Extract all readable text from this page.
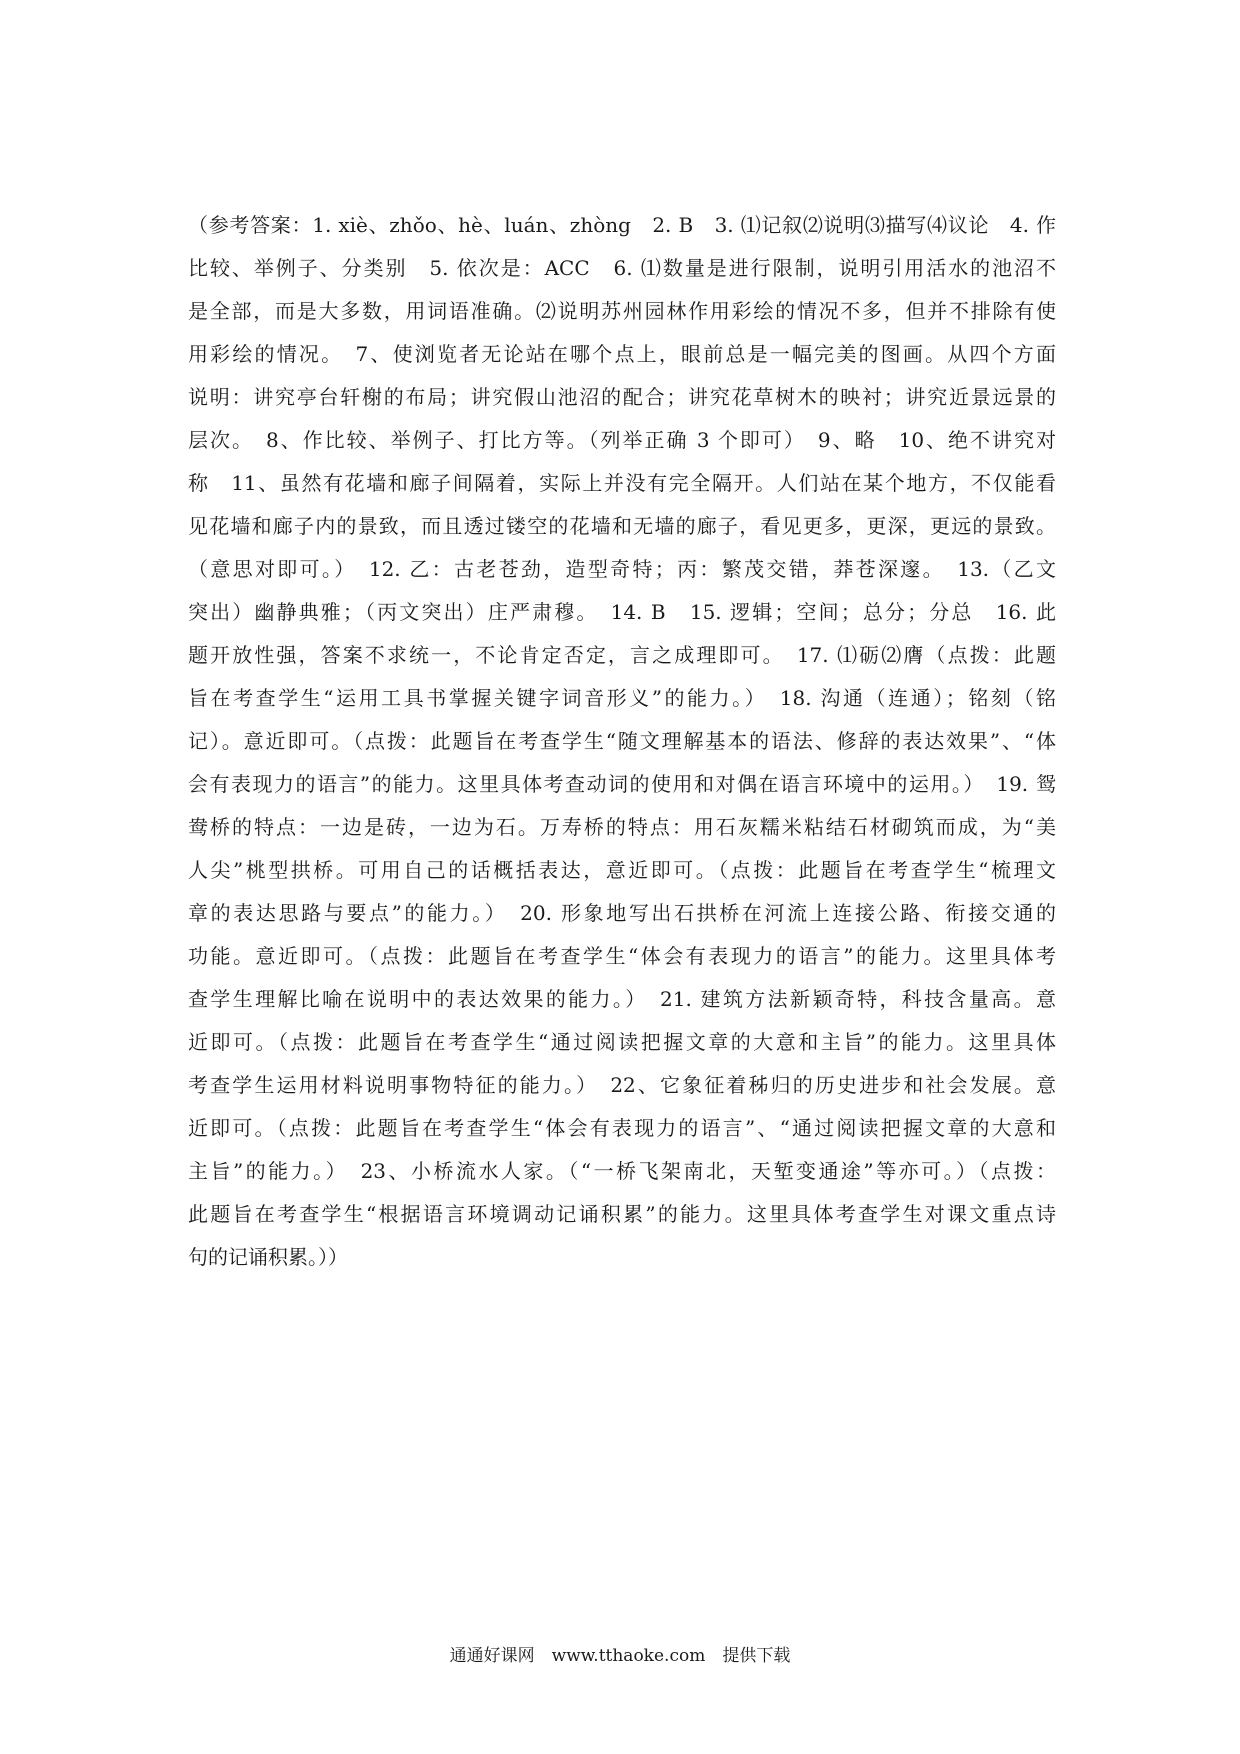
（参考答案：1. xiè、zhǒo、hè、luán、zhòng　2. B　3. ⑴记叙⑵说明⑶描写⑷议论　4. 作
比较、举例子、分类别　5. 依次是：ACC　6. ⑴数量是进行限制，说明引用活水的池沼不
是全部，而是大多数，用词语准确。⑵说明苏州园林作用彩绘的情况不多，但并不排除有使
用彩绘的情况。　7、使浏览者无论站在哪个点上，眼前总是一幅完美的图画。从四个方面
说明：讲究亭台轩榭的布局；讲究假山池沼的配合；讲究花草树木的映衬；讲究近景远景的
层次。　8、作比较、举例子、打比方等。（列举正确 3 个即可）　9、略　10、绝不讲究对
称　11、虽然有花墙和廊子间隔着，实际上并没有完全隔开。人们站在某个地方，不仅能看
见花墙和廊子内的景致，而且透过镂空的花墙和无墙的廊子，看见更多，更深，更远的景致。
（意思对即可。）　12. 乙：古老苍劲，造型奇特；丙：繁茂交错，莽苍深邃。　13.（乙文
突出）幽静典雅；（丙文突出）庄严肃穆。　14. B　15. 逻辑；空间；总分；分总　16. 此
题开放性强，答案不求统一，不论肯定否定，言之成理即可。　17. ⑴砺⑵膺（点拨：此题
旨在考查学生“运用工具书掌握关键字词音形义”的能力。）　18. 沟通（连通）；铭刻（铭
记）。意近即可。（点拨：此题旨在考查学生“随文理解基本的语法、修辞的表达效果”、“体
会有表现力的语言”的能力。这里具体考查动词的使用和对偶在语言环境中的运用。）　19. 鸳
鸯桥的特点：一边是砖，一边为石。万寿桥的特点：用石灰糯米粘结石材砌筑而成，为“美
人尖”桃型拱桥。可用自己的话概括表达，意近即可。（点拨：此题旨在考查学生“梳理文
章的表达思路与要点”的能力。）　20. 形象地写出石拱桥在河流上连接公路、衔接交通的
功能。意近即可。（点拨：此题旨在考查学生“体会有表现力的语言”的能力。这里具体考
查学生理解比喻在说明中的表达效果的能力。）　21. 建筑方法新颖奇特，科技含量高。意
近即可。（点拨：此题旨在考查学生“通过阅读把握文章的大意和主旨”的能力。这里具体
考查学生运用材料说明事物特征的能力。）　22、它象征着秭归的历史进步和社会发展。意
近即可。（点拨：此题旨在考查学生“体会有表现力的语言”、“通过阅读把握文章的大意和
主旨”的能力。）　23、小桥流水人家。（“一桥飞架南北，天堑变通途”等亦可。）（点拨：
此题旨在考查学生“根据语言环境调动记诵积累”的能力。这里具体考查学生对课文重点诗
句的记诵积累。））
通通好课网　www.tthaoke.com　提供下载
